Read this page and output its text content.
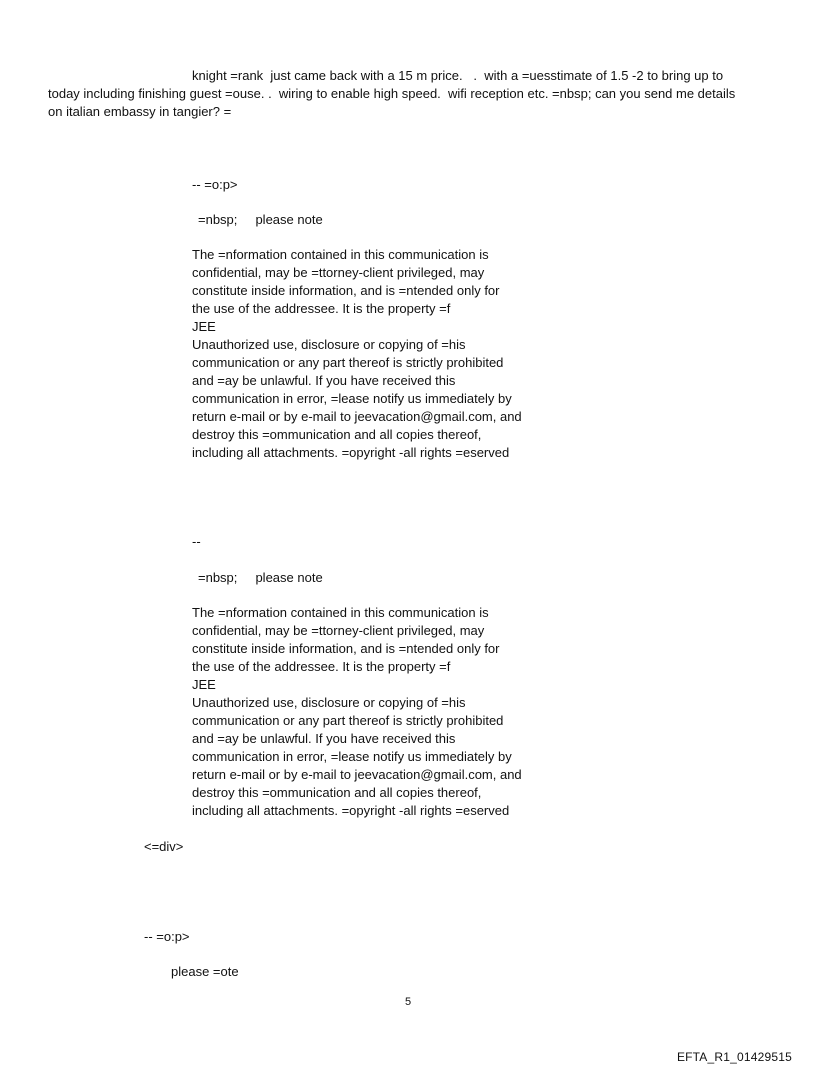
knight =rank  just came back with a 15 m price.   .  with a =uesstimate of 1.5 -2 to bring up to
today including finishing guest =ouse. .  wiring to enable high speed.  wifi reception etc. =nbsp; can you send me details
on italian embassy in tangier? =
-- =o:p>
=nbsp;     please note
The =nformation contained in this communication is
confidential, may be =ttorney-client privileged, may
constitute inside information, and is =ntended only for
the use of the addressee. It is the property =f
JEE
Unauthorized use, disclosure or copying of =his
communication or any part thereof is strictly prohibited
and =ay be unlawful. If you have received this
communication in error, =lease notify us immediately by
return e-mail or by e-mail to jeevacation@gmail.com, and
destroy this =ommunication and all copies thereof,
including all attachments. =opyright -all rights =eserved
--
=nbsp;     please note
The =nformation contained in this communication is
confidential, may be =ttorney-client privileged, may
constitute inside information, and is =ntended only for
the use of the addressee. It is the property =f
JEE
Unauthorized use, disclosure or copying of =his
communication or any part thereof is strictly prohibited
and =ay be unlawful. If you have received this
communication in error, =lease notify us immediately by
return e-mail or by e-mail to jeevacation@gmail.com, and
destroy this =ommunication and all copies thereof,
including all attachments. =opyright -all rights =eserved
<=div>
-- =o:p>
please =ote
5
EFTA_R1_01429515
